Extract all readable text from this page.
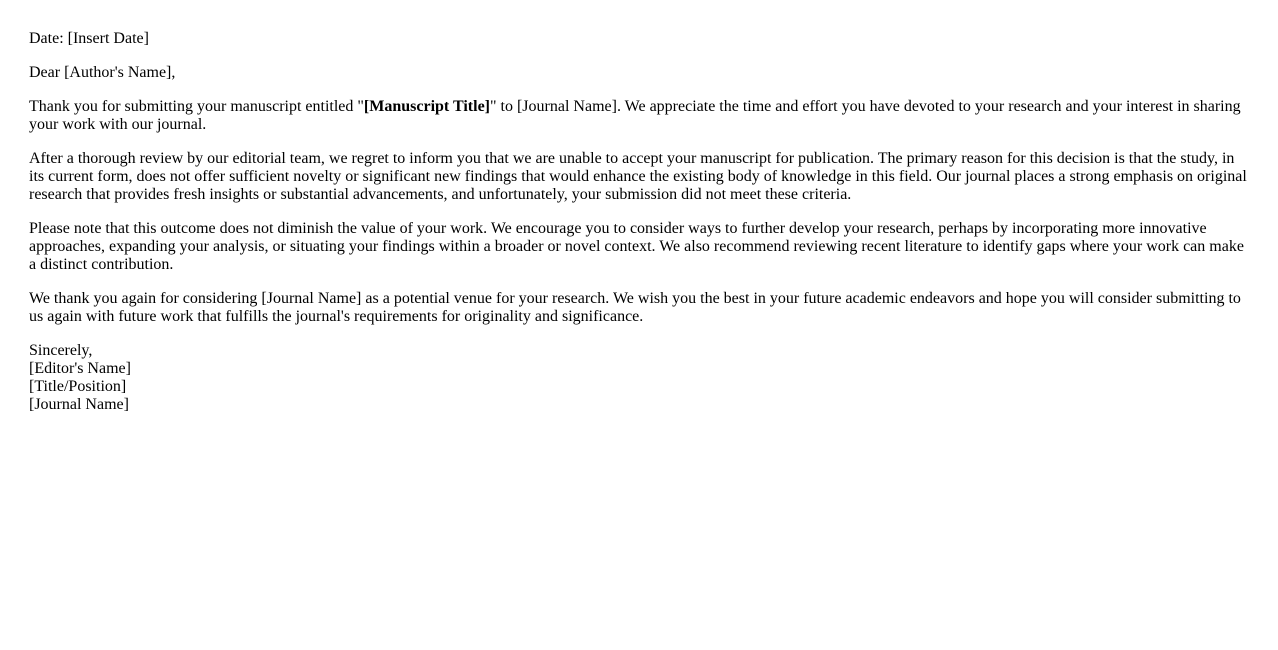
Date: [Insert Date]

Dear [Author's Name],

Thank you for submitting your manuscript entitled "[Manuscript Title]" to [Journal Name]. We appreciate the time and effort you have devoted to your research and your interest in sharing your work with our journal.

After a thorough review by our editorial team, we regret to inform you that we are unable to accept your manuscript for publication. The primary reason for this decision is that the study, in its current form, does not offer sufficient novelty or significant new findings that would enhance the existing body of knowledge in this field. Our journal places a strong emphasis on original research that provides fresh insights or substantial advancements, and unfortunately, your submission did not meet these criteria.

Please note that this outcome does not diminish the value of your work. We encourage you to consider ways to further develop your research, perhaps by incorporating more innovative approaches, expanding your analysis, or situating your findings within a broader or novel context. We also recommend reviewing recent literature to identify gaps where your work can make a distinct contribution.

We thank you again for considering [Journal Name] as a potential venue for your research. We wish you the best in your future academic endeavors and hope you will consider submitting to us again with future work that fulfills the journal's requirements for originality and significance.

Sincerely,
[Editor's Name]
[Title/Position]
[Journal Name]
